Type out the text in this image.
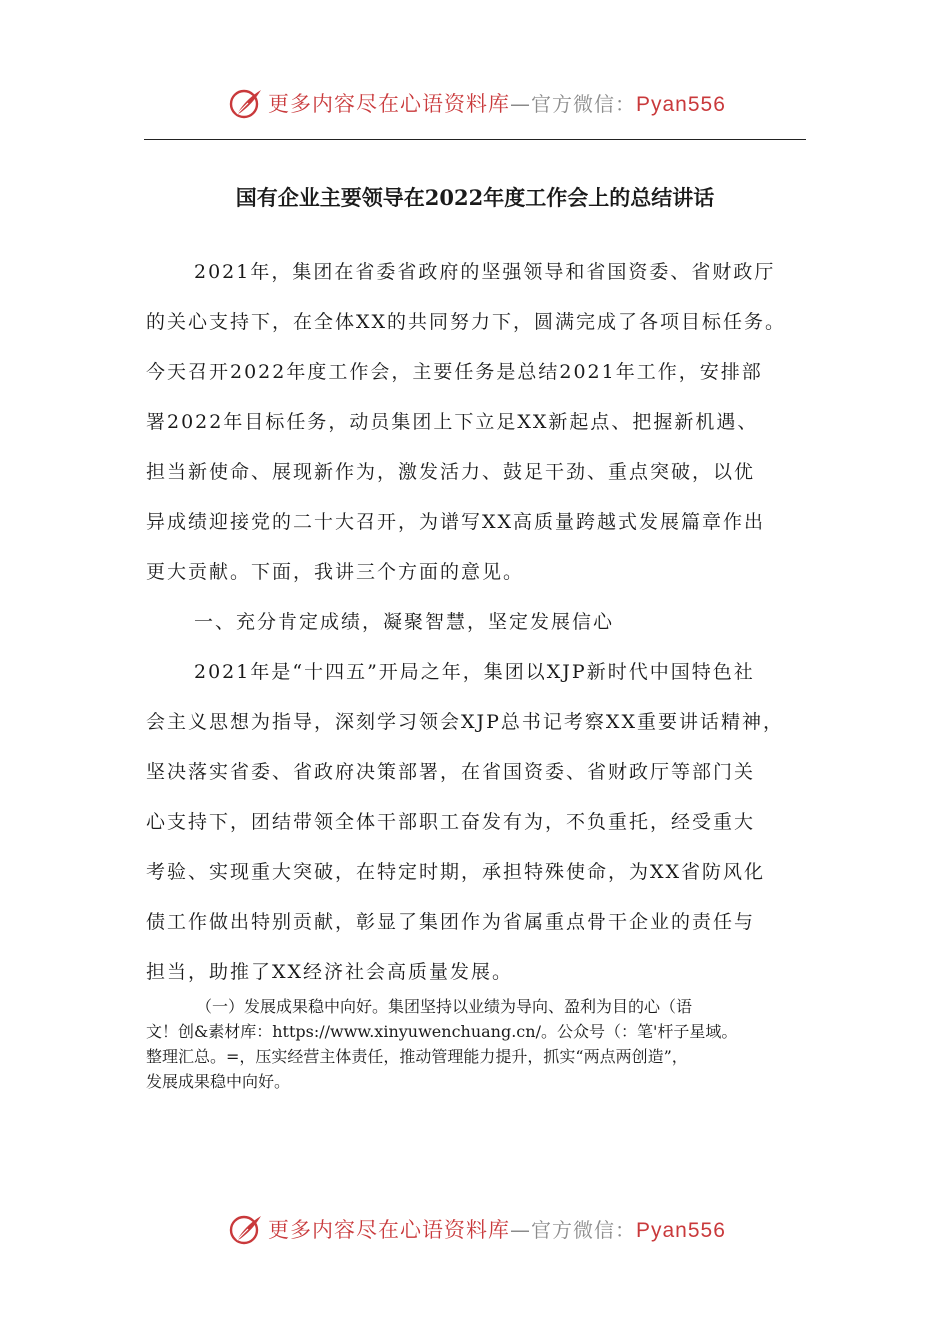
更多内容尽在心语资料库—官方微信：Pyan556
国有企业主要领导在2022年度工作会上的总结讲话
2021年，集团在省委省政府的坚强领导和省国资委、省财政厅
的关心支持下，在全体XX的共同努力下，圆满完成了各项目标任务。
今天召开2022年度工作会，主要任务是总结2021年工作，安排部
署2022年目标任务，动员集团上下立足XX新起点、把握新机遇、
担当新使命、展现新作为，激发活力、鼓足干劲、重点突破，以优
异成绩迎接党的二十大召开，为谱写XX高质量跨越式发展篇章作出
更大贡献。下面，我讲三个方面的意见。
一、充分肯定成绩，凝聚智慧，坚定发展信心
2021年是“十四五”开局之年，集团以XJP新时代中国特色社
会主义思想为指导，深刻学习领会XJP总书记考察XX重要讲话精神，
坚决落实省委、省政府决策部署，在省国资委、省财政厅等部门关
心支持下，团结带领全体干部职工奋发有为，不负重托，经受重大
考验、实现重大突破，在特定时期，承担特殊使命，为XX省防风化
债工作做出特别贡献，彰显了集团作为省属重点骨干企业的责任与
担当，助推了XX经济社会高质量发展。
（一）发展成果稳中向好。集团坚持以业绩为导向、盈利为目的心（语
文！创&素材库：https://www.xinyuwenchuang.cn/。公众号（：笔'杆子星域。
整理汇总。=，压实经营主体责任，推动管理能力提升，抓实“两点两创造”，
发展成果稳中向好。
更多内容尽在心语资料库—官方微信：Pyan556
